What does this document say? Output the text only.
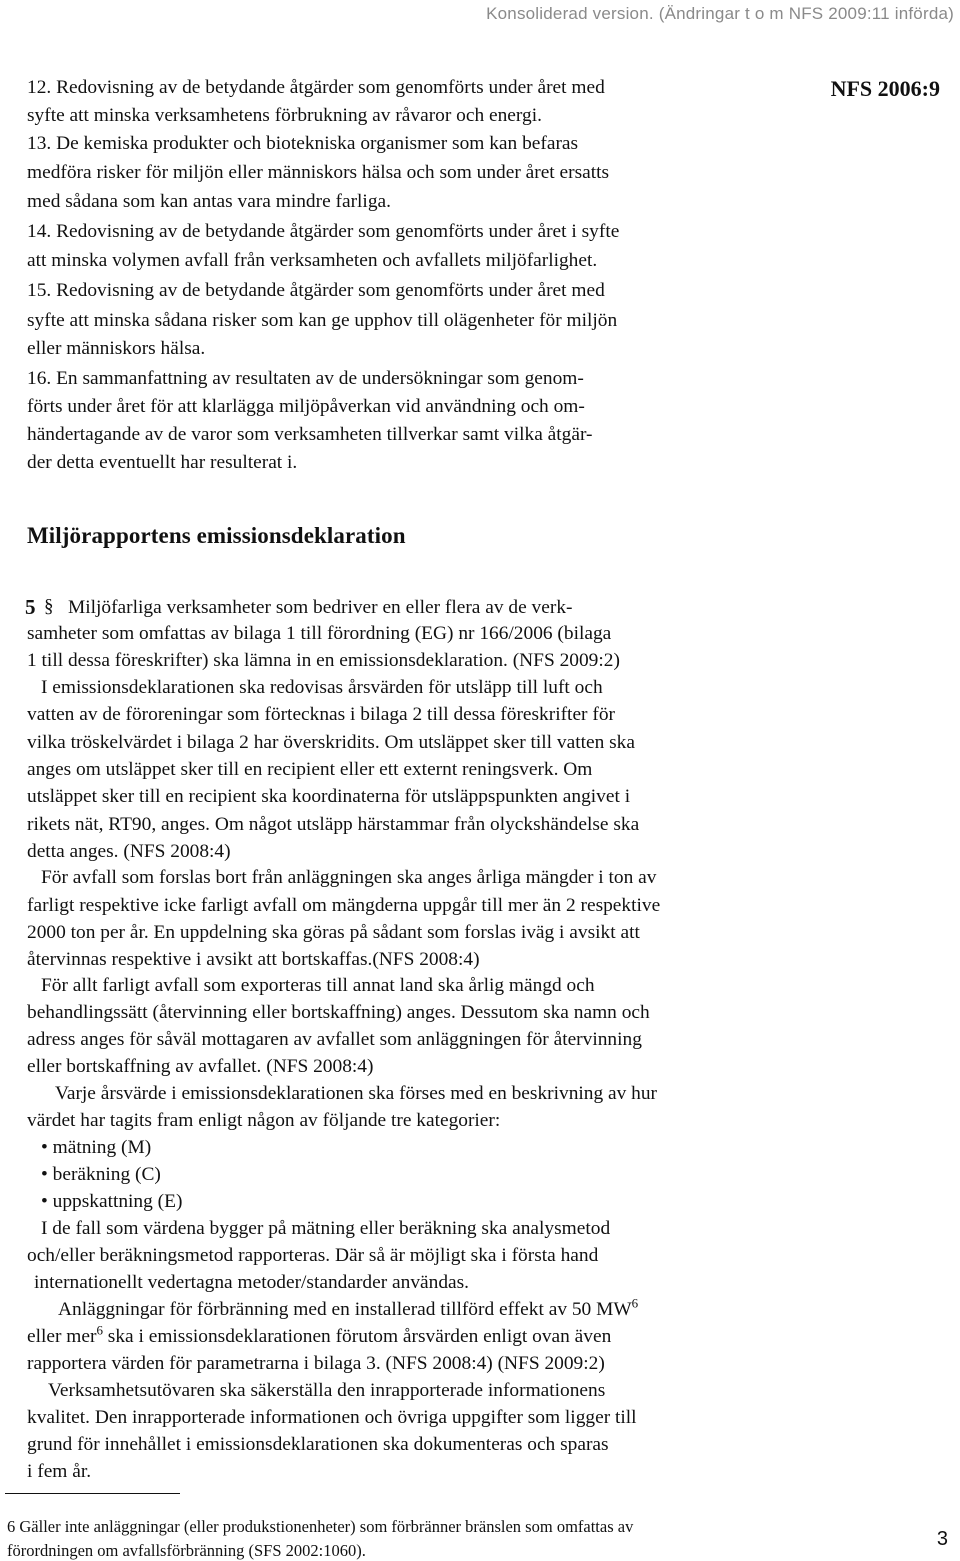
Konsoliderad version. (Ändringar t o m NFS 2009:11 införda)
NFS 2006:9
12. Redovisning av de betydande åtgärder som genomförts under året med
syfte att minska verksamhetens förbrukning av råvaror och energi.
13. De kemiska produkter och biotekniska organismer som kan befaras
medföra risker för miljön eller människors hälsa och som under året ersatts
med sådana som kan antas vara mindre farliga.
14. Redovisning av de betydande åtgärder som genomförts under året i syfte
att minska volymen avfall från verksamheten och avfallets miljöfarlighet.
15. Redovisning av de betydande åtgärder som genomförts under året med
syfte att minska sådana risker som kan ge upphov till olägenheter för miljön
eller människors hälsa.
16. En sammanfattning av resultaten av de undersökningar som genom-
förts under året för att klarlägga miljöpåverkan vid användning och om-
händertagande av de varor som verksamheten tillverkar samt vilka åtgär-
der detta eventuellt har resulterat i.
Miljörapportens emissionsdeklaration
5 § Miljöfarliga verksamheter som bedriver en eller flera av de verk-
samheter som omfattas av bilaga 1 till förordning (EG) nr 166/2006 (bilaga
1 till dessa föreskrifter) ska lämna in en emissionsdeklaration. (NFS 2009:2)
I emissionsdeklarationen ska redovisas årsvärden för utsläpp till luft och
vatten av de föroreningar som förtecknas i bilaga 2 till dessa föreskrifter för
vilka tröskelvärdet i bilaga 2 har överskridits. Om utsläppet sker till vatten ska
anges om utsläppet sker till en recipient eller ett externt reningsverk. Om
utsläppet sker till en recipient ska koordinaterna för utsläppspunkten angivet i
rikets nät, RT90, anges. Om något utsläpp härstammar från olyckshändelse ska
detta anges. (NFS 2008:4)
För avfall som forslas bort från anläggningen ska anges årliga mängder i ton av
farligt respektive icke farligt avfall om mängderna uppgår till mer än 2 respektive
2000 ton per år. En uppdelning ska göras på sådant som forslas iväg i avsikt att
återvinnas respektive i avsikt att bortskaffas.(NFS 2008:4)
För allt farligt avfall som exporteras till annat land ska årlig mängd och
behandlingssätt (återvinning eller bortskaffning) anges. Dessutom ska namn och
adress anges för såväl mottagaren av avfallet som anläggningen för återvinning
eller bortskaffning av avfallet. (NFS 2008:4)
Varje årsvärde i emissionsdeklarationen ska förses med en beskrivning av hur
värdet har tagits fram enligt någon av följande tre kategorier:
• mätning (M)
• beräkning (C)
• uppskattning (E)
I de fall som värdena bygger på mätning eller beräkning ska analysmetod
och/eller beräkningsmetod rapporteras. Där så är möjligt ska i första hand
internationellt vedertagna metoder/standarder användas.
Anläggningar för förbränning med en installerad tillförd effekt av 50 $MW^6$
eller mer$^6$ ska i emissionsdeklarationen förutom årsvärden enligt ovan även
rapportera värden för parametrarna i bilaga 3. (NFS 2008:4) (NFS 2009:2)
Verksamhetsutövaren ska säkerställa den inrapporterade informationens
kvalitet. Den inrapporterade informationen och övriga uppgifter som ligger till
grund för innehållet i emissionsdeklarationen ska dokumenteras och sparas
i fem år.
6 Gäller inte anläggningar (eller produkstionenheter) som förbränner bränslen som omfattas av
förordningen om avfallsförbränning (SFS 2002:1060).
3
